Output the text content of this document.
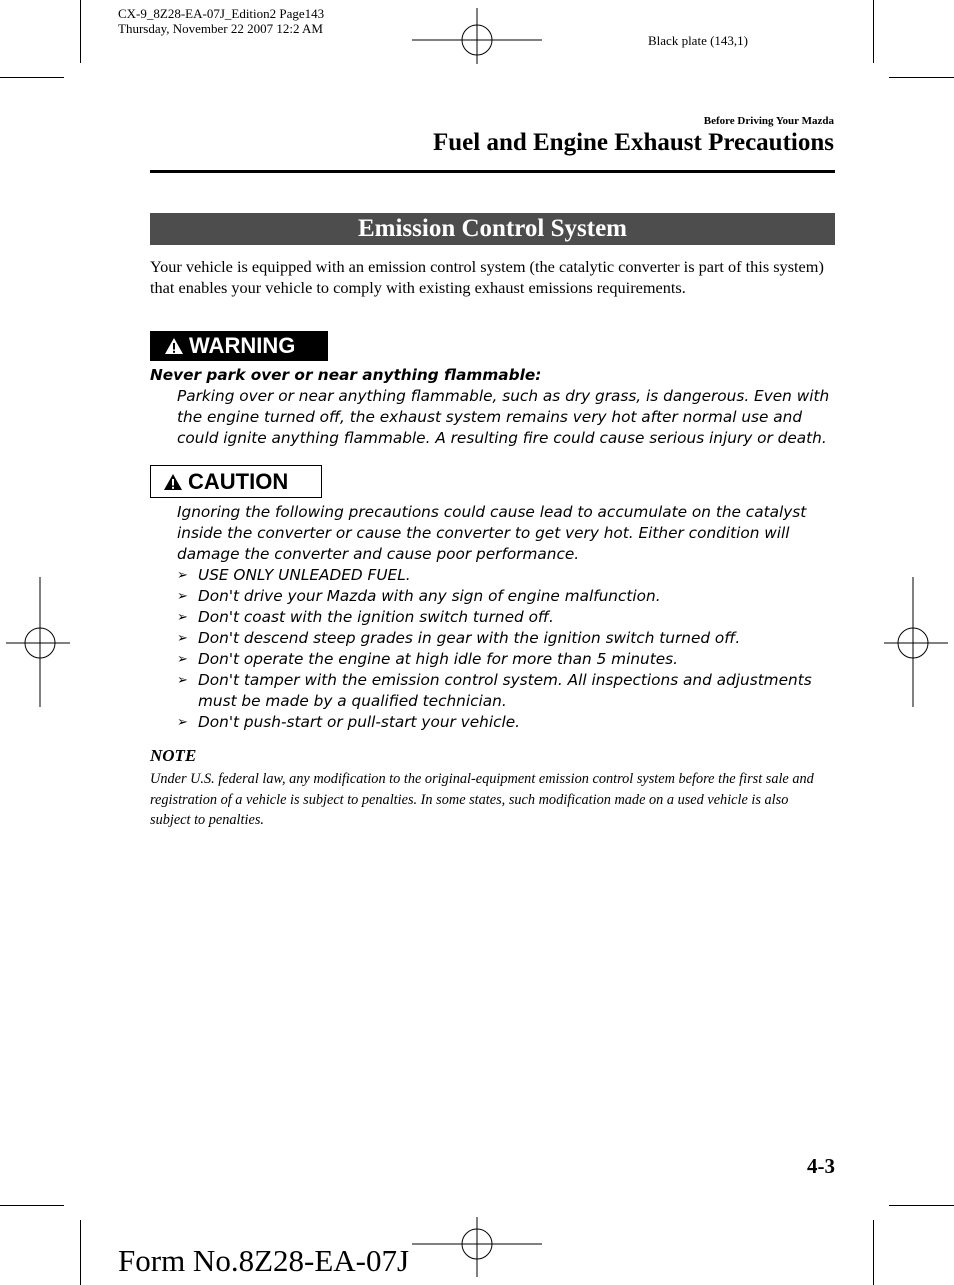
CX-9_8Z28-EA-07J_Edition2 Page143
Thursday, November 22 2007 12:2 AM
Black plate (143,1)
Before Driving Your Mazda
Fuel and Engine Exhaust Precautions
Emission Control System
Your vehicle is equipped with an emission control system (the catalytic converter is part of this system) that enables your vehicle to comply with existing exhaust emissions requirements.
WARNING
Never park over or near anything flammable:
Parking over or near anything flammable, such as dry grass, is dangerous. Even with the engine turned off, the exhaust system remains very hot after normal use and could ignite anything flammable. A resulting fire could cause serious injury or death.
CAUTION
Ignoring the following precautions could cause lead to accumulate on the catalyst inside the converter or cause the converter to get very hot. Either condition will damage the converter and cause poor performance.
➢ USE ONLY UNLEADED FUEL.
➢ Don't drive your Mazda with any sign of engine malfunction.
➢ Don't coast with the ignition switch turned off.
➢ Don't descend steep grades in gear with the ignition switch turned off.
➢ Don't operate the engine at high idle for more than 5 minutes.
➢ Don't tamper with the emission control system. All inspections and adjustments must be made by a qualified technician.
➢ Don't push-start or pull-start your vehicle.
NOTE
Under U.S. federal law, any modification to the original-equipment emission control system before the first sale and registration of a vehicle is subject to penalties. In some states, such modification made on a used vehicle is also subject to penalties.
4-3
Form No.8Z28-EA-07J
